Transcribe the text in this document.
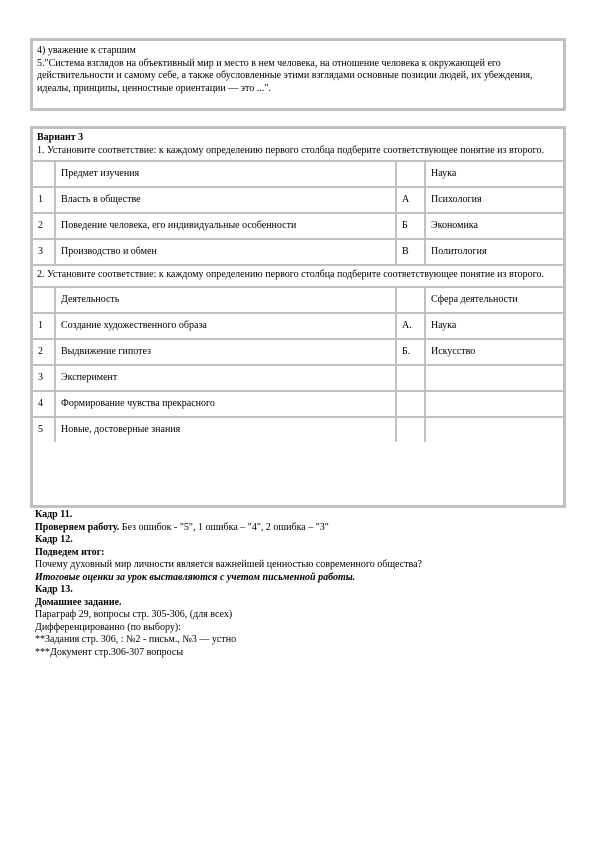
4) уважение к старшим

5."Система взглядов на объективный мир и место в нем человека, на отношение человека к окружающей его действительности и самому себе, а также обусловленные этими взглядами основные позиции людей, их убеждения, идеалы, принципы, ценностные ориентации — это ...".

Вариант 3
1. Установите соответствие: к каждому определению первого столбца подберите соответствующее понятие из второго.
	Предмет изучения		Наука
1	Власть в обществе	А	Психология
2	Поведение человека, его индивидуальные особенности	Б	Экономика
3	Производство и обмен	В	Политология
2. Установите соответствие: к каждому определению первого столбца подберите соответствующее понятие из второго.
	Деятельность		Сфера деятельности
1	Создание художественного образа	А.	Наука
2	Выдвижение гипотез	Б.	Искусство
3	Эксперимент		
4	Формирование чувства прекрасного		
5	Новые, достоверные знания		

Кадр 11.

Проверяем работу. Без ошибок - "5", 1 ошибка – "4", 2 ошибка – "3"

Кадр 12.

Подведем итог:

Почему духовный мир личности является важнейшей ценностью современного общества?

Итоговые оценки за урок выставляются с учетом письменной работы.

Кадр 13.

Домашнее задание.

Параграф 29, вопросы стр. 305-306, (для всех)

Дифференцированно (по выбору):

**Задания стр. 306, : №2 - письм., №3 — устно

***Документ стр.306-307 вопросы
